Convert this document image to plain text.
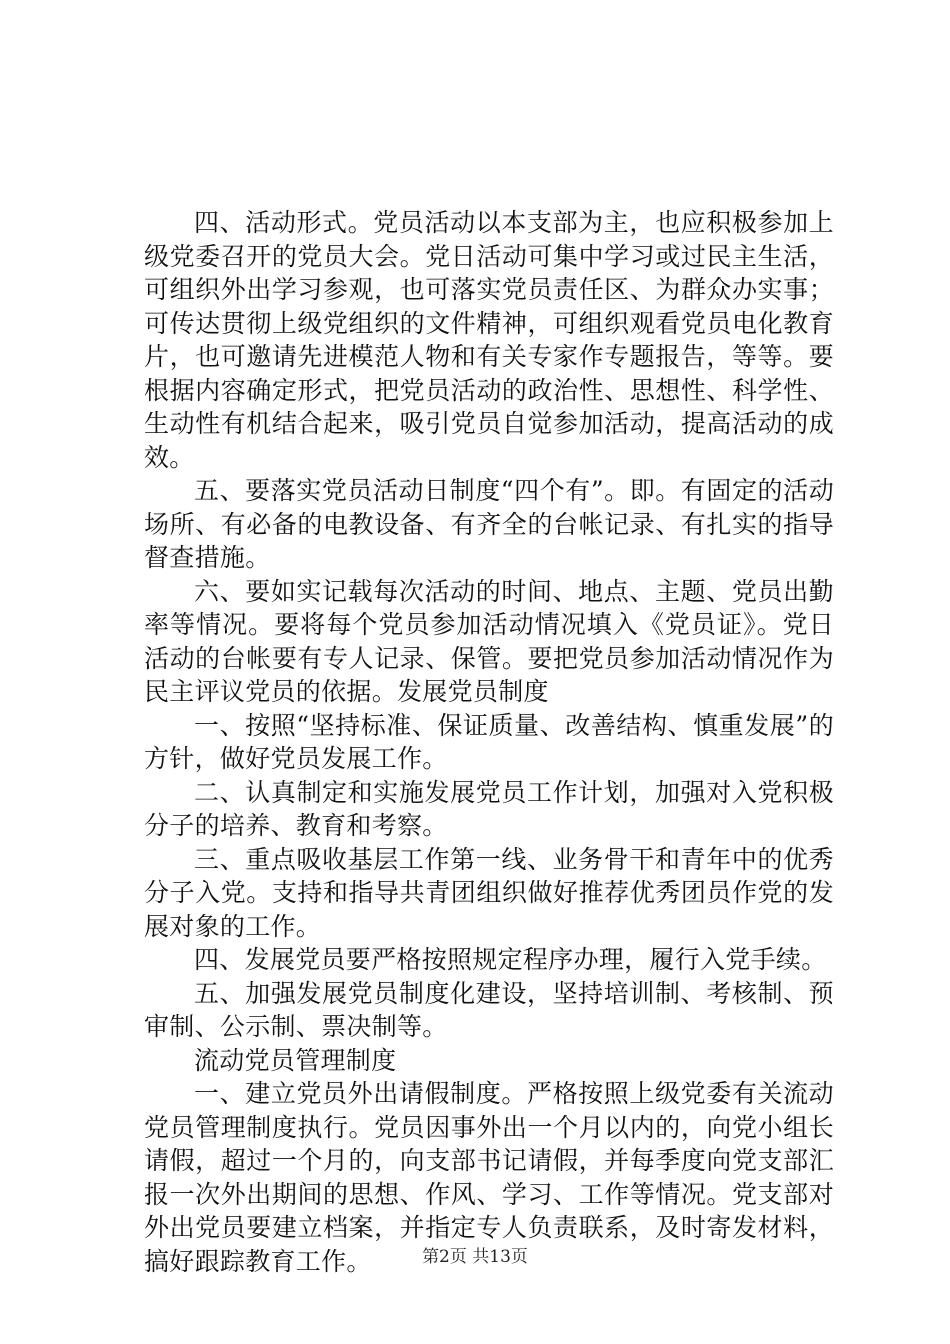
四、活动形式。党员活动以本支部为主，也应积极参加上级党委召开的党员大会。党日活动可集中学习或过民主生活，可组织外出学习参观，也可落实党员责任区、为群众办实事；可传达贯彻上级党组织的文件精神，可组织观看党员电化教育片，也可邀请先进模范人物和有关专家作专题报告，等等。要根据内容确定形式，把党员活动的政治性、思想性、科学性、生动性有机结合起来，吸引党员自觉参加活动，提高活动的成效。

五、要落实党员活动日制度“四个有”。即。有固定的活动场所、有必备的电教设备、有齐全的台帐记录、有扎实的指导督查措施。

六、要如实记载每次活动的时间、地点、主题、党员出勤率等情况。要将每个党员参加活动情况填入《党员证》。党日活动的台帐要有专人记录、保管。要把党员参加活动情况作为民主评议党员的依据。发展党员制度

一、按照“坚持标准、保证质量、改善结构、慎重发展”的方针，做好党员发展工作。

二、认真制定和实施发展党员工作计划，加强对入党积极分子的培养、教育和考察。

三、重点吸收基层工作第一线、业务骨干和青年中的优秀分子入党。支持和指导共青团组织做好推荐优秀团员作党的发展对象的工作。

四、发展党员要严格按照规定程序办理，履行入党手续。

五、加强发展党员制度化建设，坚持培训制、考核制、预审制、公示制、票决制等。

流动党员管理制度

一、建立党员外出请假制度。严格按照上级党委有关流动党员管理制度执行。党员因事外出一个月以内的，向党小组长请假，超过一个月的，向支部书记请假，并每季度向党支部汇报一次外出期间的思想、作风、学习、工作等情况。党支部对外出党员要建立档案，并指定专人负责联系，及时寄发材料，搞好跟踪教育工作。	第2页 共13页
